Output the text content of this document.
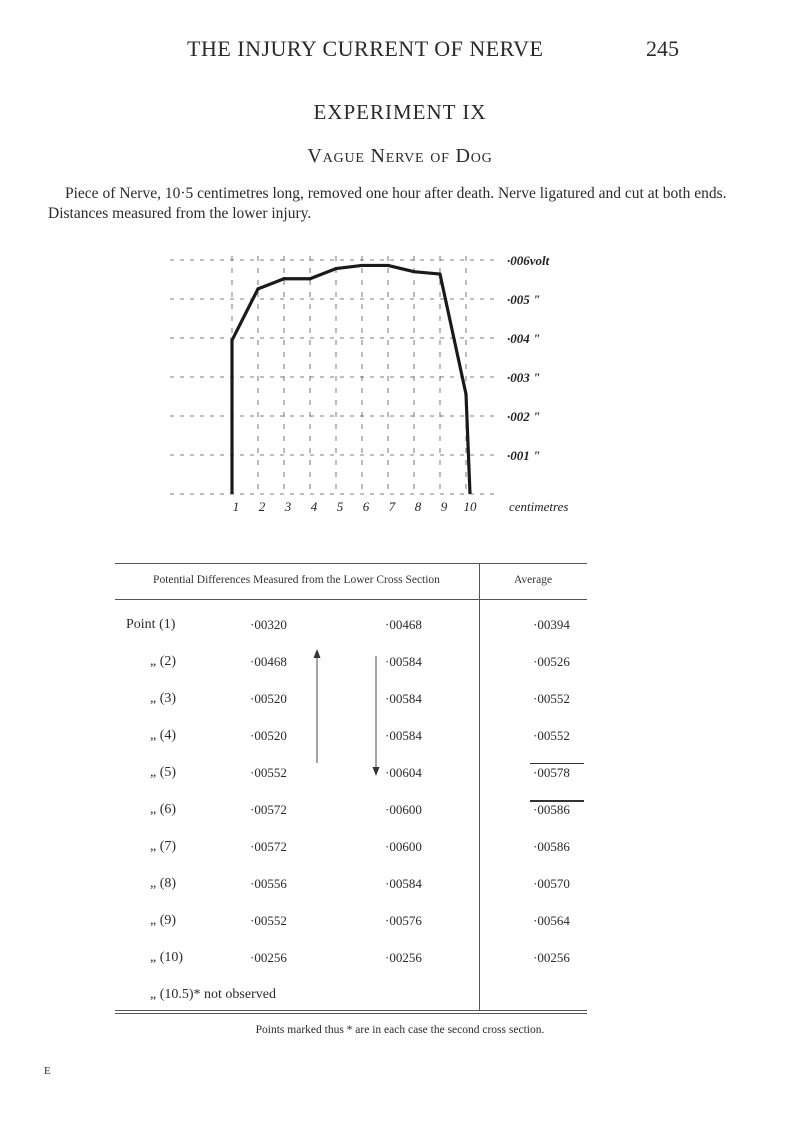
THE INJURY CURRENT OF NERVE	245
EXPERIMENT IX
Vague Nerve of Dog
Piece of Nerve, 10·5 centimetres long, removed one hour after death. Nerve ligatured and cut at both ends. Distances measured from the lower injury.
1 2 3 4 5 6 7 8 9 10
·006volt
·005 "
·004 "
·003 "
·002 "
·001 "
centimetres
Potential Differences Measured from the Lower Cross Section	Average
Point (1)	·00320	·00468	·00394
„ (2)	·00468	·00584	·00526
„ (3)	·00520	·00584	·00552
„ (4)	·00520	·00584	·00552
„ (5)	·00552	·00604	·00578
„ (6)	·00572	·00600	·00586
„ (7)	·00572	·00600	·00586
„ (8)	·00556	·00584	·00570
„ (9)	·00552	·00576	·00564
„ (10)	·00256	·00256	·00256
„ (10.5)* not observed
Points marked thus * are in each case the second cross section.
E
